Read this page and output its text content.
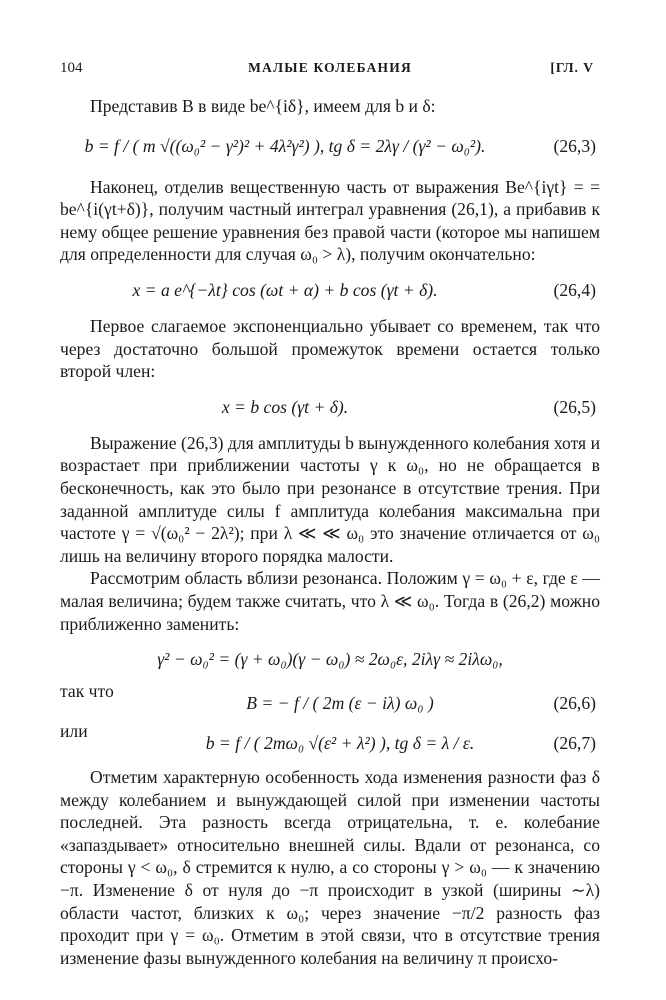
104	МАЛЫЕ КОЛЕБАНИЯ	[ГЛ. V

Представив B в виде be^{iδ}, имеем для b и δ:

b = f / ( m √((ω₀² − γ²)² + 4λ²γ²) ), tg δ = 2λγ / (γ² − ω₀²).	(26,3)

Наконец, отделив вещественную часть от выражения Be^{iγt} = = be^{i(γt+δ)}, получим частный интеграл уравнения (26,1), а прибавив к нему общее решение уравнения без правой части (которое мы напишем для определенности для случая ω₀ > λ), получим окончательно:

x = a e^{−λt} cos (ωt + α) + b cos (γt + δ).	(26,4)

Первое слагаемое экспоненциально убывает со временем, так что через достаточно большой промежуток времени остается только второй член:

x = b cos (γt + δ).	(26,5)

Выражение (26,3) для амплитуды b вынужденного колебания хотя и возрастает при приближении частоты γ к ω₀, но не обращается в бесконечность, как это было при резонансе в отсутствие трения. При заданной амплитуде силы f амплитуда колебания максимальна при частоте γ = √(ω₀² − 2λ²); при λ ≪ ≪ ω₀ это значение отличается от ω₀ лишь на величину второго порядка малости.

Рассмотрим область вблизи резонанса. Положим γ = ω₀ + ε, где ε — малая величина; будем также считать, что λ ≪ ω₀. Тогда в (26,2) можно приближенно заменить:

γ² − ω₀² = (γ + ω₀)(γ − ω₀) ≈ 2ω₀ε, 2iλγ ≈ 2iλω₀,
так что
B = − f / ( 2m (ε − iλ) ω₀ )	(26,6)
или
b = f / ( 2mω₀ √(ε² + λ²) ), tg δ = λ / ε.	(26,7)

Отметим характерную особенность хода изменения разности фаз δ между колебанием и вынуждающей силой при изменении частоты последней. Эта разность всегда отрицательна, т. е. колебание «запаздывает» относительно внешней силы. Вдали от резонанса, со стороны γ < ω₀, δ стремится к нулю, а со стороны γ > ω₀ — к значению −π. Изменение δ от нуля до −π происходит в узкой (ширины ∼λ) области частот, близких к ω₀; через значение −π/2 разность фаз проходит при γ = ω₀. Отметим в этой связи, что в отсутствие трения изменение фазы вынужденного колебания на величину π происхо-
